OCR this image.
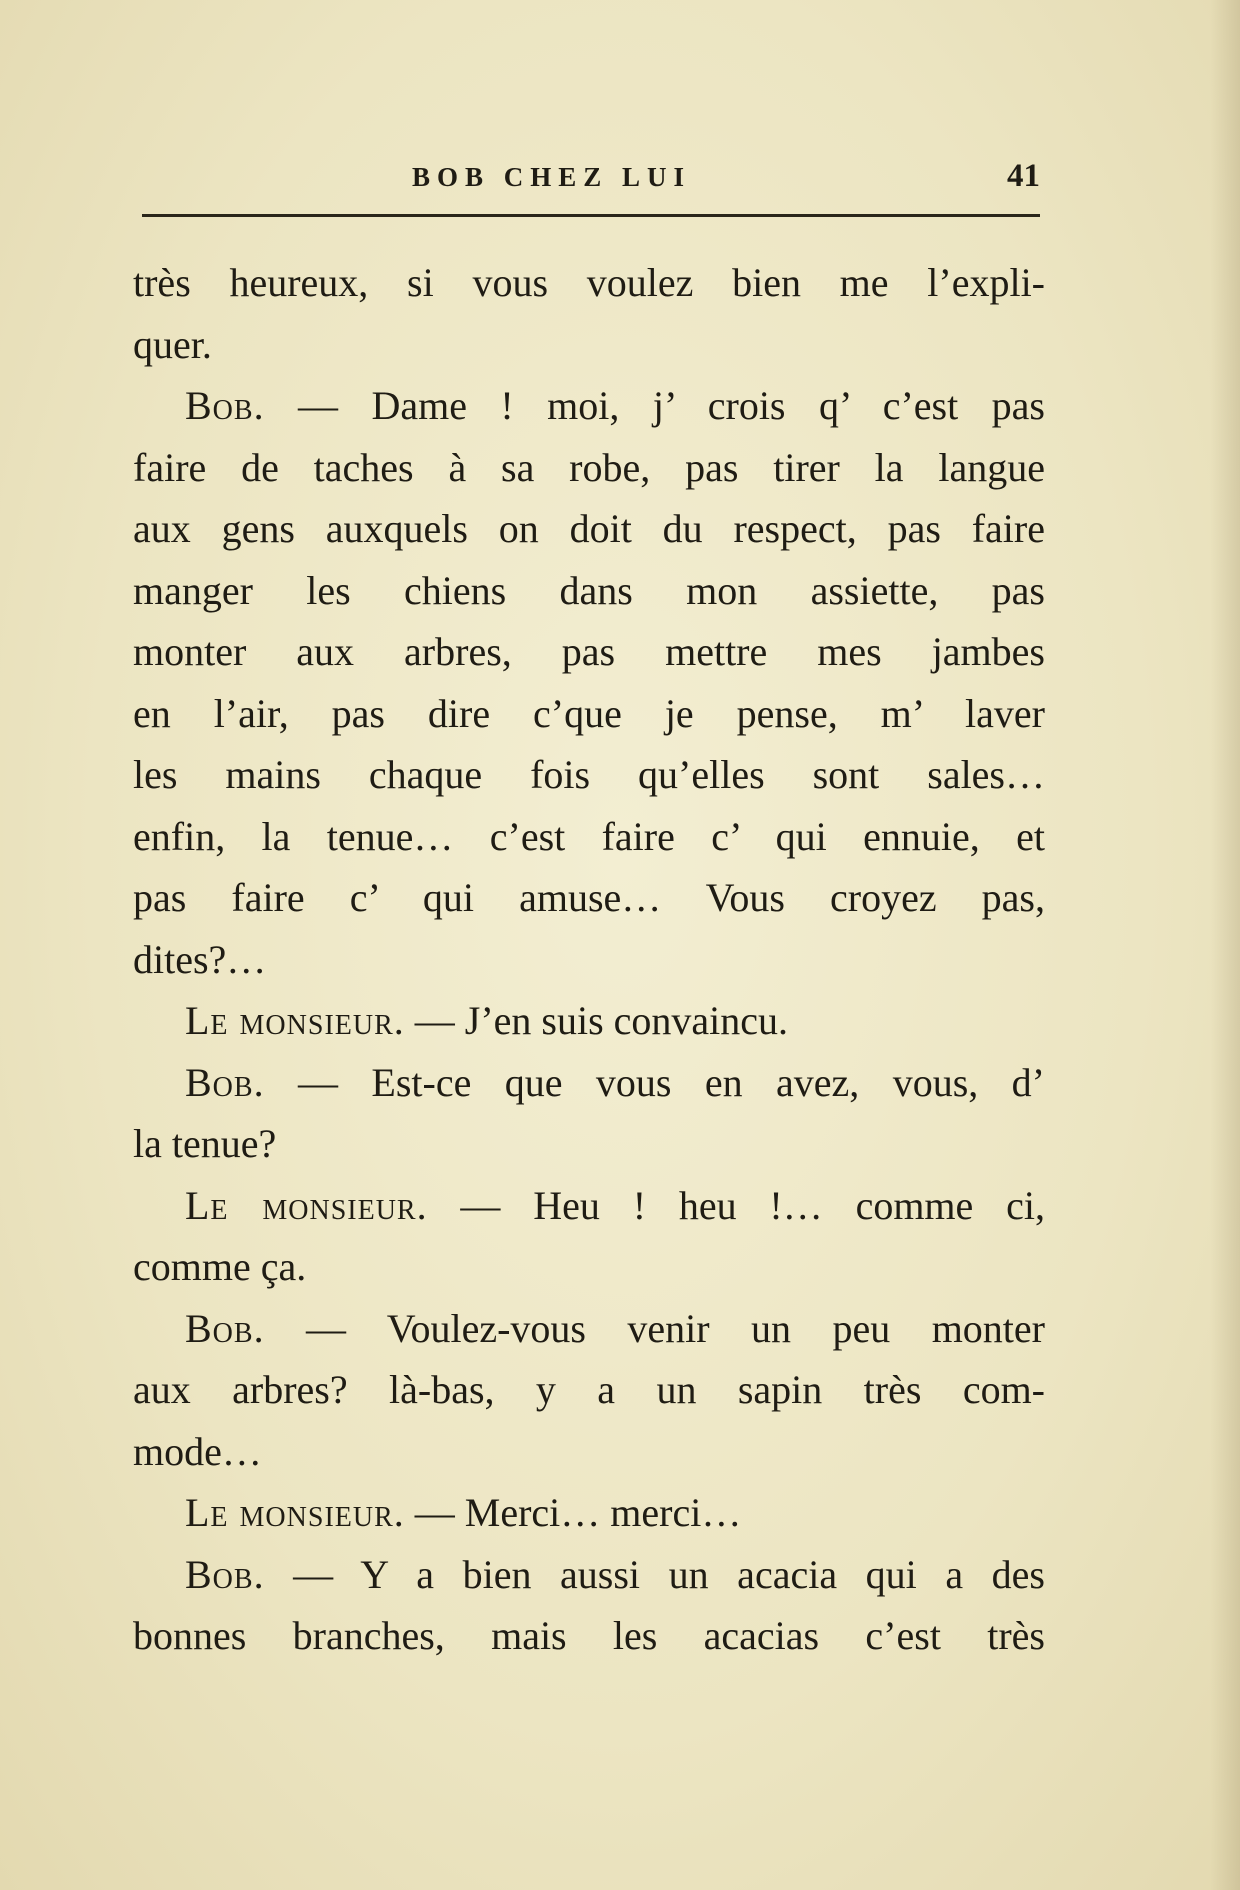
BOB CHEZ LUI	41
très heureux, si vous voulez bien me l’expli-
quer.
Bob. — Dame ! moi, j’ crois q’ c’est pas
faire de taches à sa robe, pas tirer la langue
aux gens auxquels on doit du respect, pas faire
manger les chiens dans mon assiette, pas
monter aux arbres, pas mettre mes jambes
en l’air, pas dire c’que je pense, m’ laver
les mains chaque fois qu’elles sont sales…
enfin, la tenue… c’est faire c’ qui ennuie, et
pas faire c’ qui amuse… Vous croyez pas,
dites?…
Le monsieur. — J’en suis convaincu.
Bob. — Est-ce que vous en avez, vous, d’
la tenue?
Le monsieur. — Heu ! heu !… comme ci,
comme ça.
Bob. — Voulez-vous venir un peu monter
aux arbres? là-bas, y a un sapin très com-
mode…
Le monsieur. — Merci… merci…
Bob. — Y a bien aussi un acacia qui a des
bonnes branches, mais les acacias c’est très
